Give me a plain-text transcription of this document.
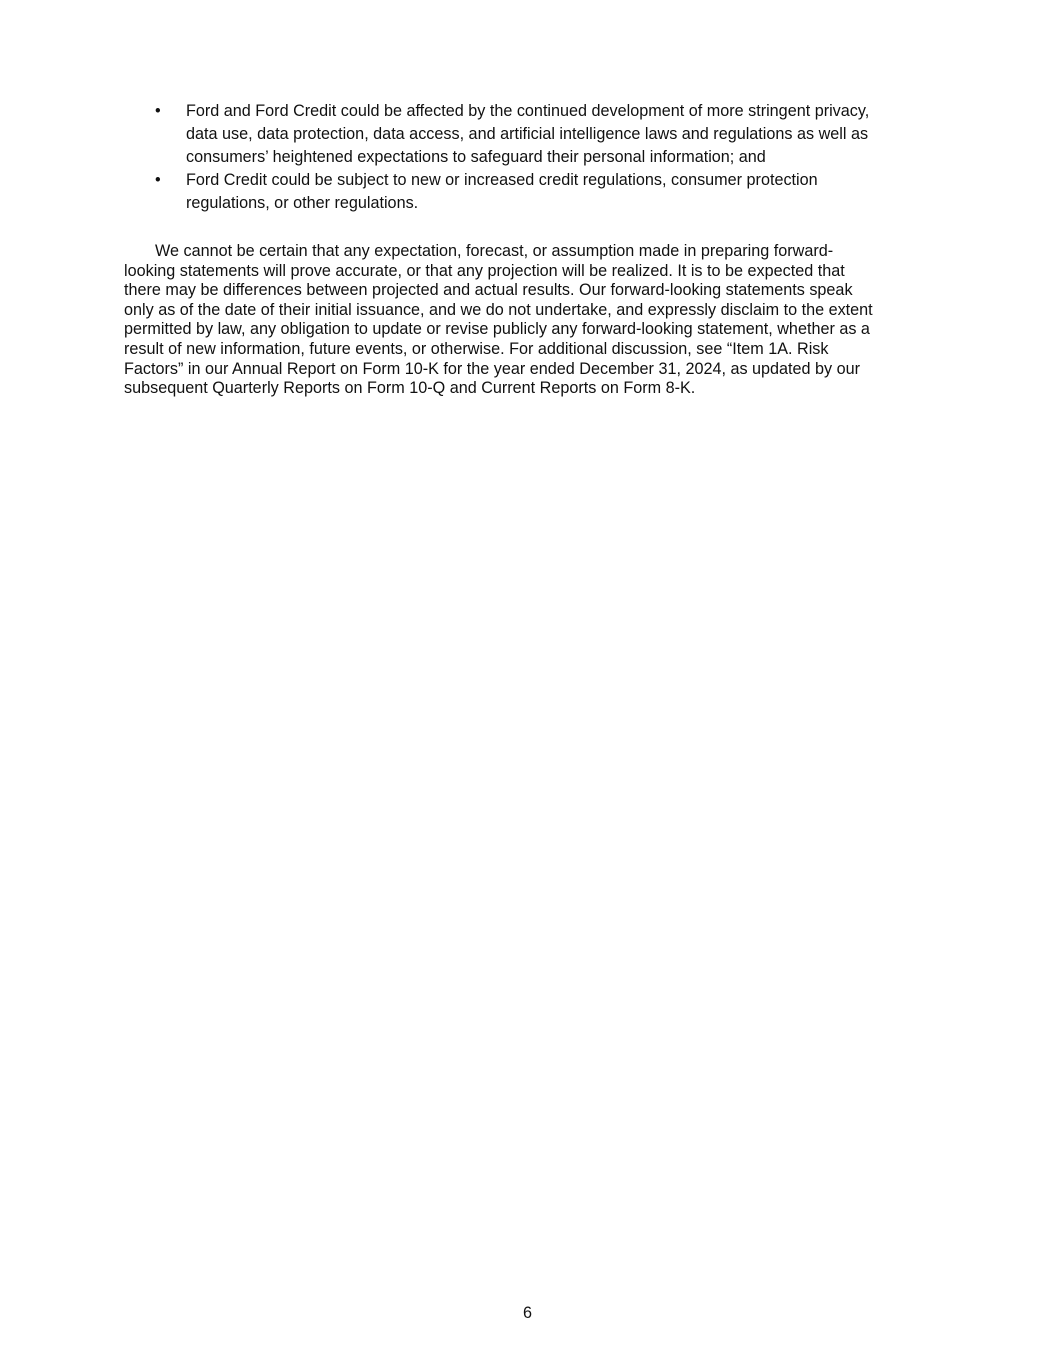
•	Ford and Ford Credit could be affected by the continued development of more stringent privacy,
data use, data protection, data access, and artificial intelligence laws and regulations as well as
consumers’ heightened expectations to safeguard their personal information; and
•	Ford Credit could be subject to new or increased credit regulations, consumer protection
regulations, or other regulations.

We cannot be certain that any expectation, forecast, or assumption made in preparing forward-
looking statements will prove accurate, or that any projection will be realized. It is to be expected that
there may be differences between projected and actual results. Our forward-looking statements speak
only as of the date of their initial issuance, and we do not undertake, and expressly disclaim to the extent
permitted by law, any obligation to update or revise publicly any forward-looking statement, whether as a
result of new information, future events, or otherwise. For additional discussion, see “Item 1A. Risk
Factors” in our Annual Report on Form 10-K for the year ended December 31, 2024, as updated by our
subsequent Quarterly Reports on Form 10-Q and Current Reports on Form 8-K.

6
